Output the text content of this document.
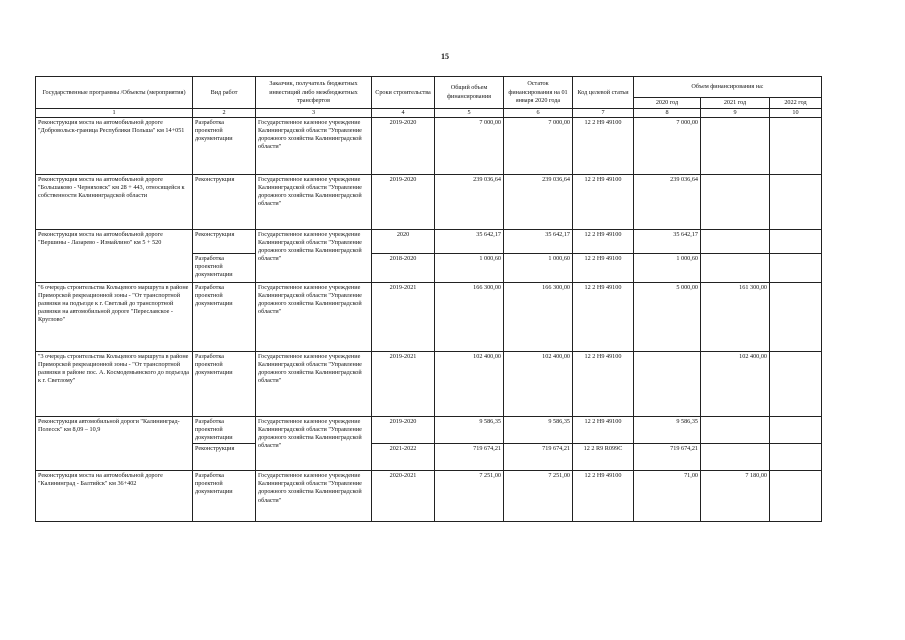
15
Государственные программы /Объекты (мероприятия)	Вид работ	Заказчик, получатель бюджетных инвестиций либо межбюджетных трансфертов	Сроки строительства	Общий объем финансирования	Остаток финансирования на 01 января 2020 года	Код целевой статьи	Объем финансирования на:		
							2020 год	2021 год	2022 год
1	2	3	4	5	6	7	8	9	10
Реконструкция моста на автомобильной дороге "Добровольск-граница Республики Польша" км 14+051	Разработка проектной документации	Государственное казенное учреждение Калининградской области "Управление дорожного хозяйства Калининградской области"	2019-2020	7 000,00	7 000,00	12 2 Н9 49100	7 000,00		
Реконструкция моста на автомобильной дороге "Большаково - Черняховск" км 28 + 443, относящейся к собственности Калининградской области	Реконструкция	Государственное казенное учреждение Калининградской области "Управление дорожного хозяйства Калининградской области"	2019-2020	239 036,64	239 036,64	12 2 Н9 49100	239 036,64		
Реконструкция моста на автомобильной дороге "Вершины - Лазарево - Измайлино" км 5 + 520	Реконструкция	Государственное казенное учреждение Калининградской области "Управление дорожного хозяйства Калининградской области"	2020	35 642,17	35 642,17	12 2 Н9 49100	35 642,17		
	Разработка проектной документации		2018-2020	1 000,60	1 000,60	12 2 Н9 49100	1 000,60		
"6 очередь строительства Кольцевого маршрута в районе Приморской рекреационной зоны - "От транспортной развязки на подъезде к г. Светлый до транспортной развязки на автомобильной дороге "Переславское - Круглово"	Разработка проектной документации	Государственное казенное учреждение Калининградской области "Управление дорожного хозяйства Калининградской области"	2019-2021	166 300,00	166 300,00	12 2 Н9 49100	5 000,00	161 300,00	
"3 очередь строительства Кольцевого маршрута в районе Приморской рекреационной зоны - "От транспортной развязки в районе пос. А. Космодемьянского до подъезда к г. Светлому"	Разработка проектной документации	Государственное казенное учреждение Калининградской области "Управление дорожного хозяйства Калининградской области"	2019-2021	102 400,00	102 400,00	12 2 Н9 49100		102 400,00	
Реконструкция автомобильной дороги "Калининград-Полесск" км 8,09 – 10,9	Разработка проектной документации	Государственное казенное учреждение Калининградской области "Управление дорожного хозяйства Калининградской области"	2019-2020	9 586,35	9 586,35	12 2 Н9 49100	9 586,35		
	Реконструкция		2021-2022	719 674,21	719 674,21	12 2 R9 R099С	719 674,21		
Реконструкция моста на автомобильной дороге "Калининград - Балтийск" км 36+402	Разработка проектной документации	Государственное казенное учреждение Калининградской области "Управление дорожного хозяйства Калининградской области"	2020-2021	7 251,00	7 251,00	12 2 Н9 49100	71,00	7 180,00	
